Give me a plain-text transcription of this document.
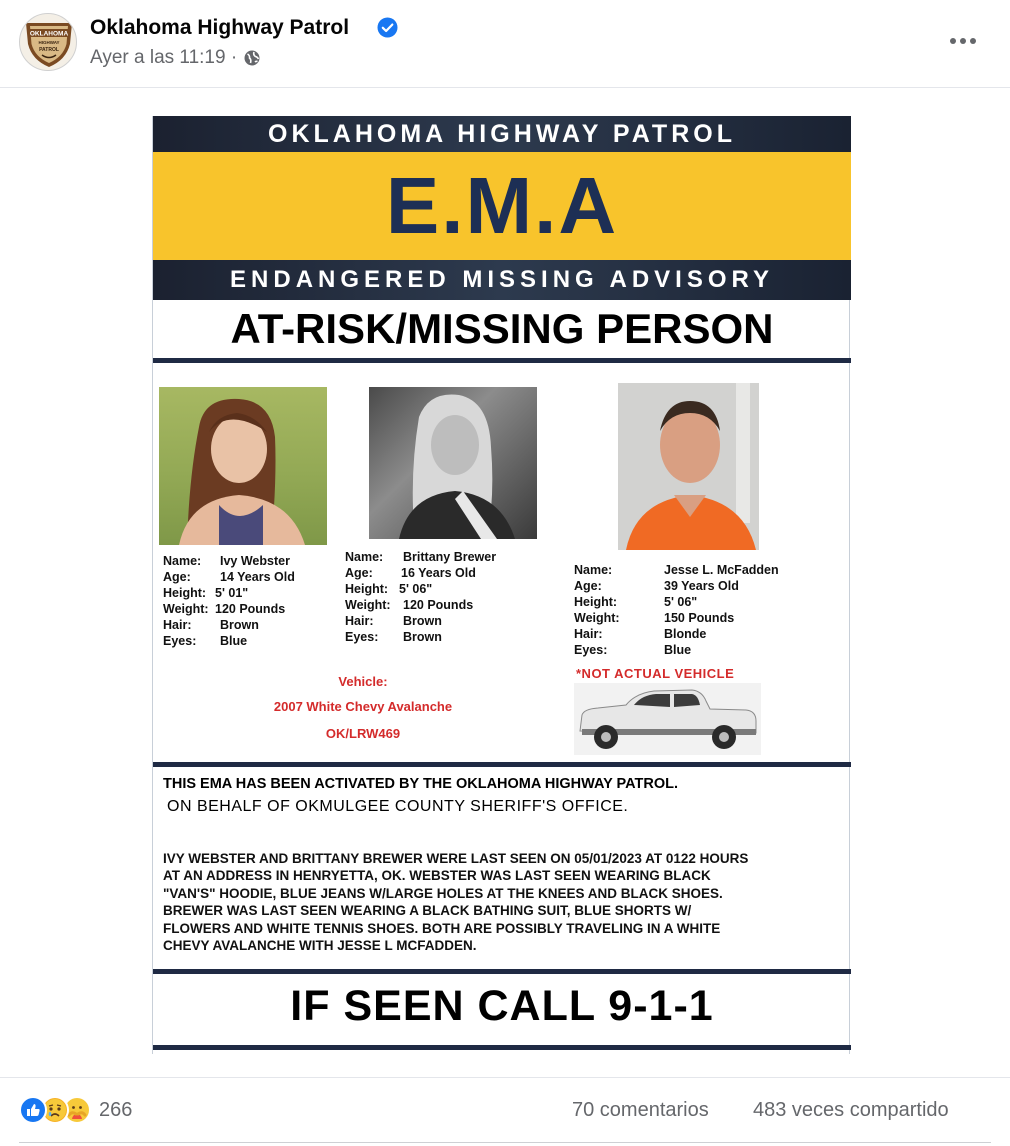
OKLAHOMA
HIGHWAY
PATROL
Oklahoma Highway Patrol
Ayer a las 11:19 ·
OKLAHOMA HIGHWAY PATROL
E.M.A
ENDANGERED MISSING ADVISORY
AT-RISK/MISSING PERSON
Name:	Ivy Webster
Age:	14 Years Old
Height: 5' 01"
Weight: 120 Pounds
Hair:	Brown
Eyes:	Blue
Name:	Brittany Brewer
Age:	16 Years Old
Height: 5' 06"
Weight: 120 Pounds
Hair:	Brown
Eyes:	Brown
Name:	Jesse L. McFadden
Age:	39 Years Old
Height:	5' 06"
Weight:	150 Pounds
Hair:	Blonde
Eyes:	Blue
Vehicle:
2007 White Chevy Avalanche
OK/LRW469
*NOT ACTUAL VEHICLE
THIS EMA HAS BEEN ACTIVATED BY THE OKLAHOMA HIGHWAY PATROL.
ON BEHALF OF OKMULGEE COUNTY SHERIFF'S OFFICE.
IVY WEBSTER AND BRITTANY BREWER WERE LAST SEEN ON 05/01/2023 AT 0122 HOURS
AT AN ADDRESS IN HENRYETTA, OK. WEBSTER WAS LAST SEEN WEARING BLACK
"VAN'S" HOODIE, BLUE JEANS W/LARGE HOLES AT THE KNEES AND BLACK SHOES.
BREWER WAS LAST SEEN WEARING A BLACK BATHING SUIT, BLUE SHORTS W/
FLOWERS AND WHITE TENNIS SHOES. BOTH ARE POSSIBLY TRAVELING IN A WHITE
CHEVY AVALANCHE WITH JESSE L MCFADDEN.
IF SEEN CALL 9-1-1
266	70 comentarios 483 veces compartido
